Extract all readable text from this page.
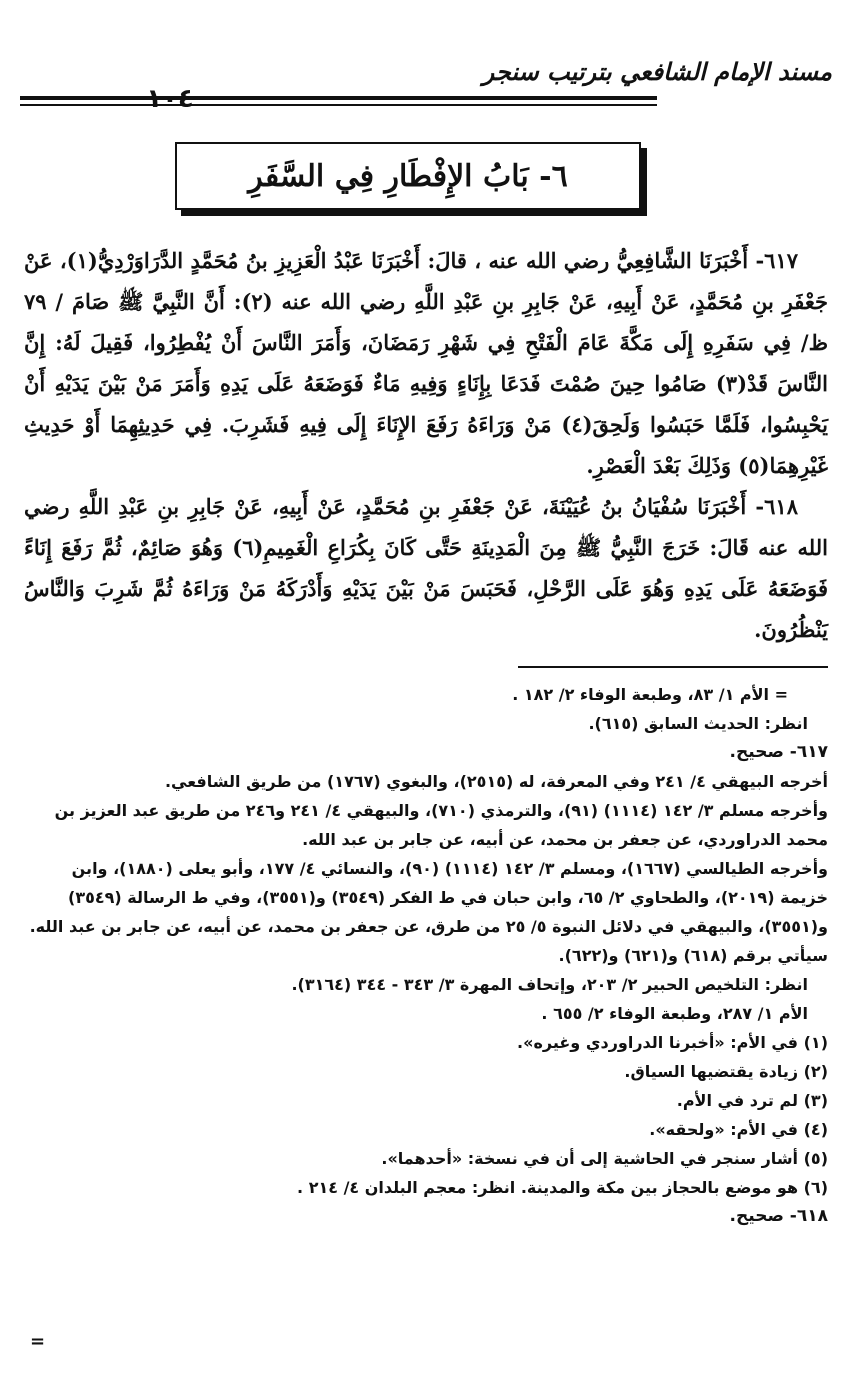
مسند الإمام الشافعي بترتيب سنجر
١٠٤
٦- بَابُ الإِفْطَارِ فِي السَّفَرِ

٦١٧- أَخْبَرَنَا الشَّافِعِيُّ رضي الله عنه ، قالَ: أَخْبَرَنَا عَبْدُ الْعَزِيزِ بنُ مُحَمَّدٍ الدَّرَاوَرْدِيُّ(١)، عَنْ جَعْفَرِ بنِ مُحَمَّدٍ، عَنْ أَبِيهِ، عَنْ جَابِرِ بنِ عَبْدِ اللَّهِ رضي الله عنه (٢): أَنَّ النَّبِيَّ ﷺ صَامَ / ٧٩ ظ/ فِي سَفَرِهِ إِلَى مَكَّةَ عَامَ الْفَتْحِ فِي شَهْرِ رَمَضَانَ، وَأَمَرَ النَّاسَ أَنْ يُفْطِرُوا، فَقِيلَ لَهُ: إِنَّ النَّاسَ قَدْ(٣) صَامُوا حِينَ صُمْتَ فَدَعَا بِإِنَاءٍ وَفِيهِ مَاءٌ فَوَضَعَهُ عَلَى يَدِهِ وَأَمَرَ مَنْ بَيْنَ يَدَيْهِ أَنْ يَحْبِسُوا، فَلَمَّا حَبَسُوا وَلَحِقَ(٤) مَنْ وَرَاءَهُ رَفَعَ الإِنَاءَ إِلَى فِيهِ فَشَرِبَ. فِي حَدِيثِهِمَا أَوْ حَدِيثِ غَيْرِهِمَا(٥) وَذَلِكَ بَعْدَ الْعَصْرِ.

٦١٨- أَخْبَرَنَا سُفْيَانُ بنُ عُيَيْنَةَ، عَنْ جَعْفَرِ بنِ مُحَمَّدٍ، عَنْ أَبِيهِ، عَنْ جَابِرِ بنِ عَبْدِ اللَّهِ رضي الله عنه قَالَ: خَرَجَ النَّبِيُّ ﷺ مِنَ الْمَدِينَةِ حَتَّى كَانَ بِكُرَاعِ الْغَمِيمِ(٦) وَهُوَ صَائِمٌ، ثُمَّ رَفَعَ إِنَاءً فَوَضَعَهُ عَلَى يَدِهِ وَهُوَ عَلَى الرَّحْلِ، فَحَبَسَ مَنْ بَيْنَ يَدَيْهِ وَأَدْرَكَهُ مَنْ وَرَاءَهُ ثُمَّ شَرِبَ وَالنَّاسُ يَنْظُرُونَ.

= الأم ١/ ٨٣، وطبعة الوفاء ٢/ ١٨٢ .

انظر: الحديث السابق (٦١٥).

٦١٧- صحيح.

أخرجه البيهقي ٤/ ٢٤١ وفي المعرفة، له (٢٥١٥)، والبغوي (١٧٦٧) من طريق الشافعي.

وأخرجه مسلم ٣/ ١٤٢ (١١١٤) (٩١)، والترمذي (٧١٠)، والبيهقي ٤/ ٢٤١ و٢٤٦ من طريق عبد العزيز بن محمد الدراوردي، عن جعفر بن محمد، عن أبيه، عن جابر بن عبد الله.

وأخرجه الطيالسي (١٦٦٧)، ومسلم ٣/ ١٤٢ (١١١٤) (٩٠)، والنسائي ٤/ ١٧٧، وأبو يعلى (١٨٨٠)، وابن خزيمة (٢٠١٩)، والطحاوي ٢/ ٦٥، وابن حبان في ط الفكر (٣٥٤٩) و(٣٥٥١)، وفي ط الرسالة (٣٥٤٩) و(٣٥٥١)، والبيهقي في دلائل النبوة ٥/ ٢٥ من طرق، عن جعفر بن محمد، عن أبيه، عن جابر بن عبد الله.

سيأتي برقم (٦١٨) و(٦٢١) و(٦٢٢).

انظر: التلخيص الحبير ٢/ ٢٠٣، وإتحاف المهرة ٣/ ٣٤٣ - ٣٤٤ (٣١٦٤).

الأم ١/ ٢٨٧، وطبعة الوفاء ٢/ ٦٥٥ .

(١) في الأم: «أخبرنا الدراوردي وغيره».

(٢) زيادة يقتضيها السياق.

(٣) لم ترد في الأم.

(٤) في الأم: «ولحقه».

(٥) أشار سنجر في الحاشية إلى أن في نسخة: «أحدهما».

(٦) هو موضع بالحجاز بين مكة والمدينة. انظر: معجم البلدان ٤/ ٢١٤ .

٦١٨- صحيح.

=
